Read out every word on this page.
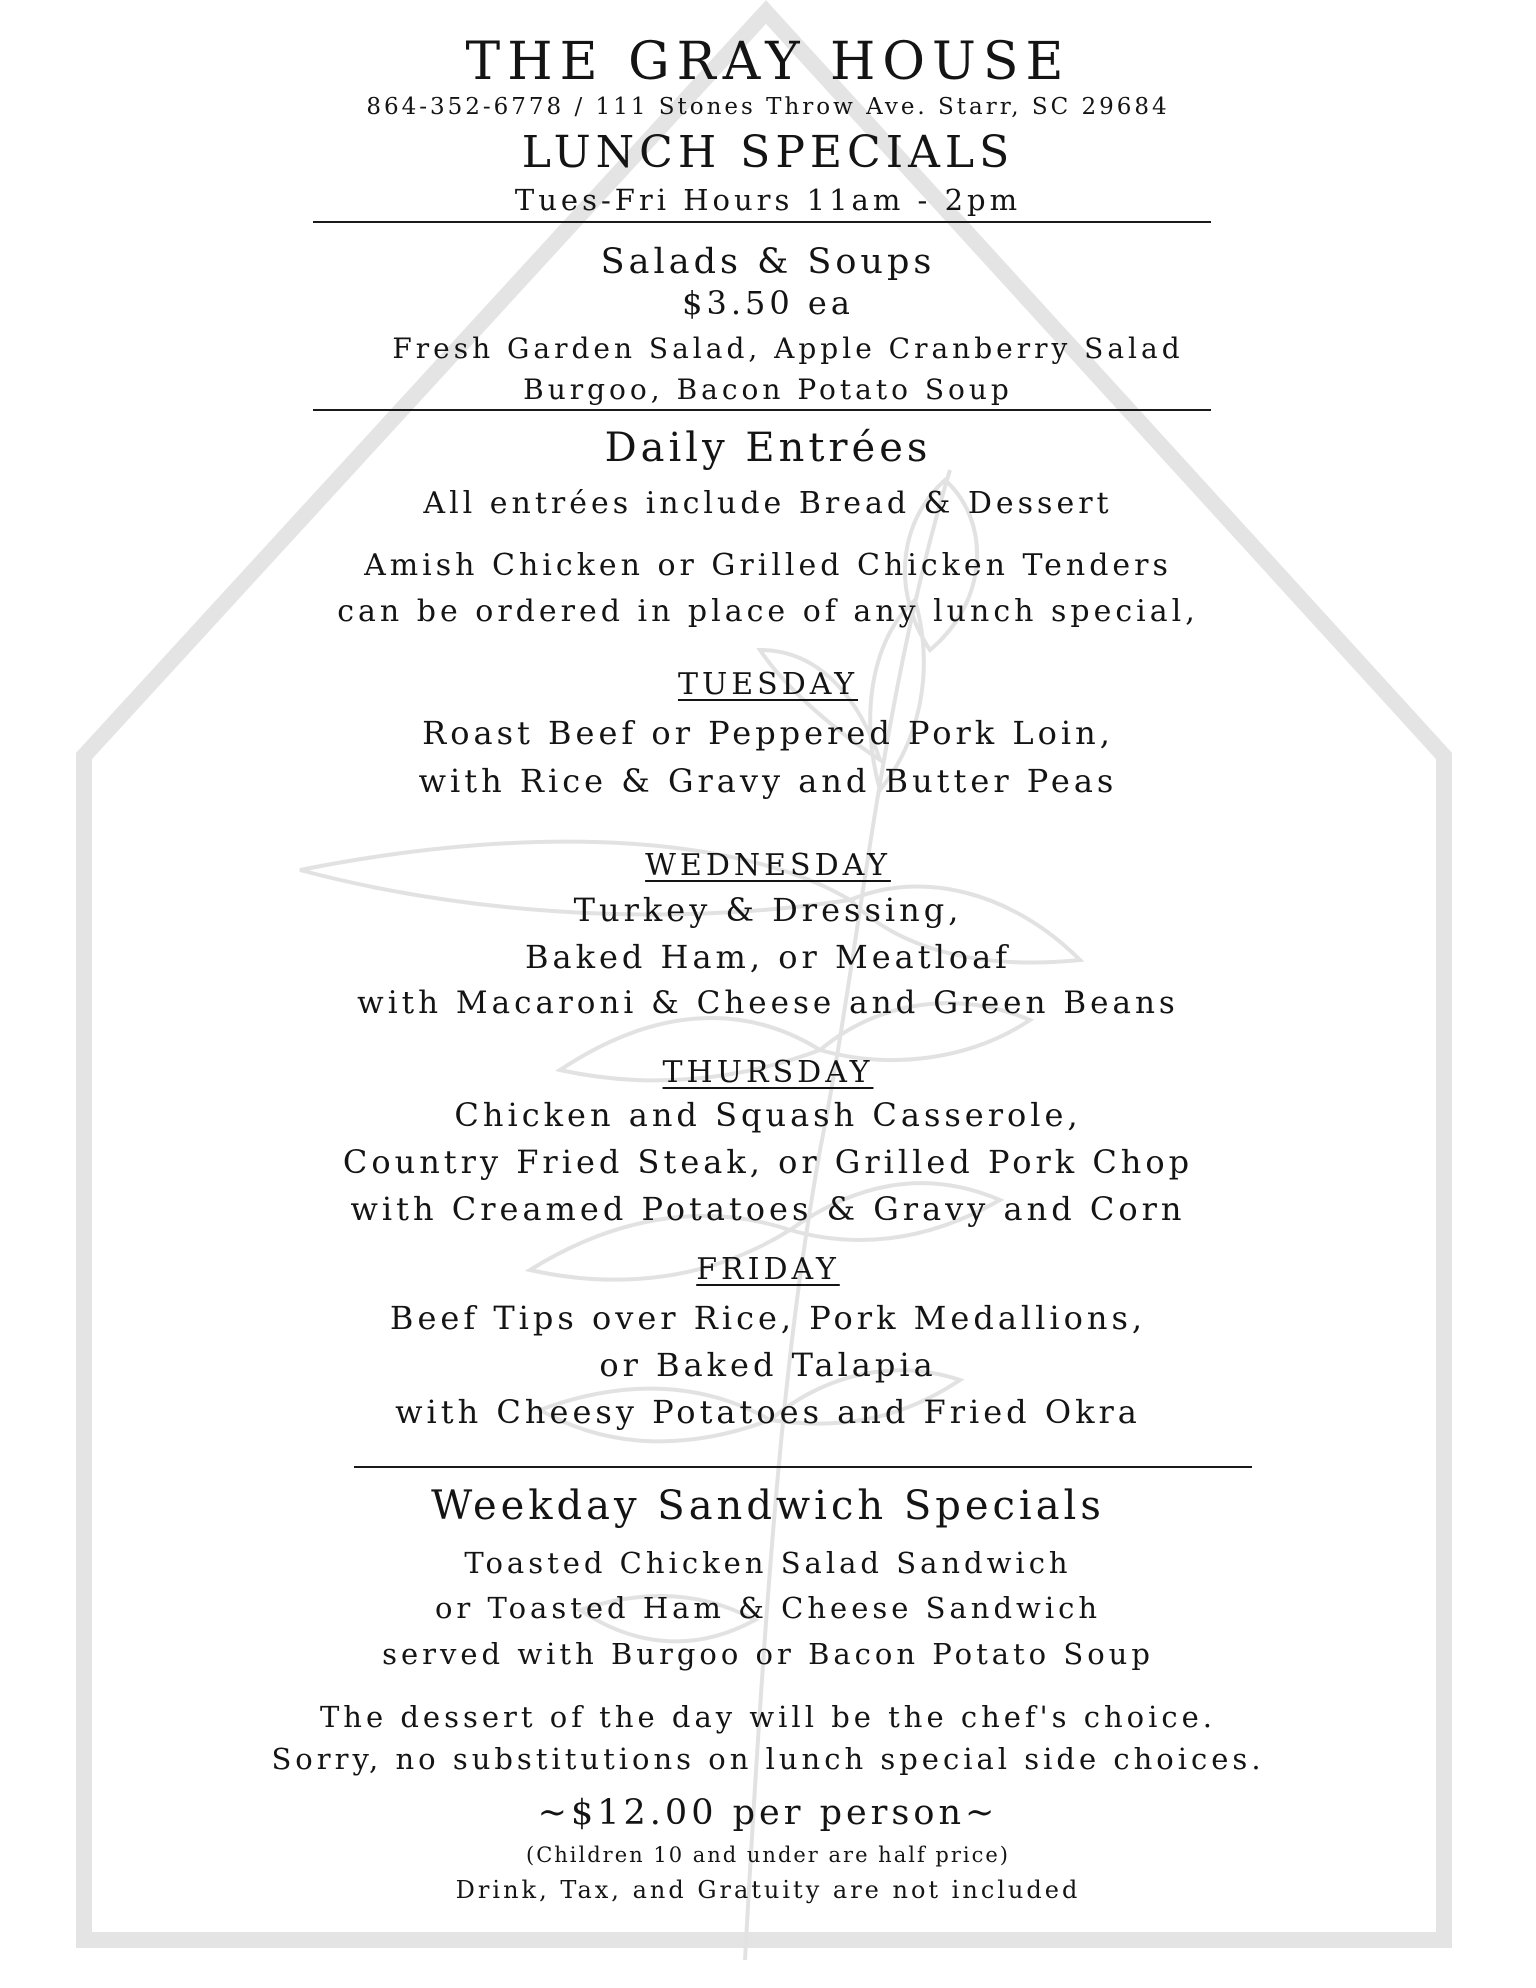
THE GRAY HOUSE
864-352-6778 / 111 Stones Throw Ave. Starr, SC 29684
LUNCH SPECIALS
Tues-Fri Hours 11am - 2pm
Salads & Soups
$3.50 ea
Fresh Garden Salad, Apple Cranberry Salad
Burgoo, Bacon Potato Soup
Daily Entrées
All entrées include Bread & Dessert
Amish Chicken or Grilled Chicken Tenders
can be ordered in place of any lunch special,
TUESDAY
Roast Beef or Peppered Pork Loin,
with Rice & Gravy and Butter Peas
WEDNESDAY
Turkey & Dressing,
Baked Ham, or Meatloaf
with Macaroni & Cheese and Green Beans
THURSDAY
Chicken and Squash Casserole,
Country Fried Steak, or Grilled Pork Chop
with Creamed Potatoes & Gravy and Corn
FRIDAY
Beef Tips over Rice, Pork Medallions,
or Baked Talapia
with Cheesy Potatoes and Fried Okra
Weekday Sandwich Specials
Toasted Chicken Salad Sandwich
or Toasted Ham & Cheese Sandwich
served with Burgoo or Bacon Potato Soup
The dessert of the day will be the chef's choice.
Sorry, no substitutions on lunch special side choices.
~$12.00 per person~
(Children 10 and under are half price)
Drink, Tax, and Gratuity are not included
